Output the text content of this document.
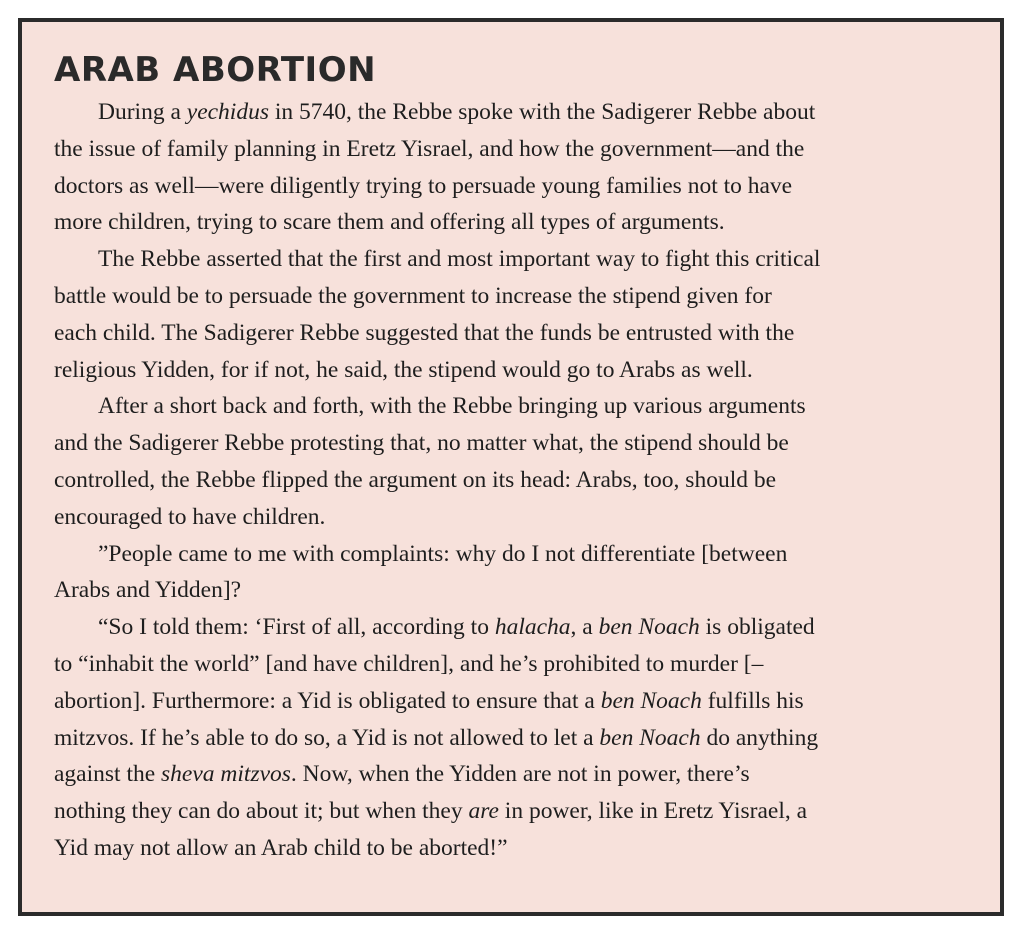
ARAB ABORTION
During a yechidus in 5740, the Rebbe spoke with the Sadigerer Rebbe about
the issue of family planning in Eretz Yisrael, and how the government—and the
doctors as well—were diligently trying to persuade young families not to have
more children, trying to scare them and offering all types of arguments.
The Rebbe asserted that the first and most important way to fight this critical
battle would be to persuade the government to increase the stipend given for
each child. The Sadigerer Rebbe suggested that the funds be entrusted with the
religious Yidden, for if not, he said, the stipend would go to Arabs as well.
After a short back and forth, with the Rebbe bringing up various arguments
and the Sadigerer Rebbe protesting that, no matter what, the stipend should be
controlled, the Rebbe flipped the argument on its head: Arabs, too, should be
encouraged to have children.
”People came to me with complaints: why do I not differentiate [between
Arabs and Yidden]?
“So I told them: ‘First of all, according to halacha, a ben Noach is obligated
to “inhabit the world” [and have children], and he’s prohibited to murder [–
abortion]. Furthermore: a Yid is obligated to ensure that a ben Noach fulfills his
mitzvos. If he’s able to do so, a Yid is not allowed to let a ben Noach do anything
against the sheva mitzvos. Now, when the Yidden are not in power, there’s
nothing they can do about it; but when they are in power, like in Eretz Yisrael, a
Yid may not allow an Arab child to be aborted!”
